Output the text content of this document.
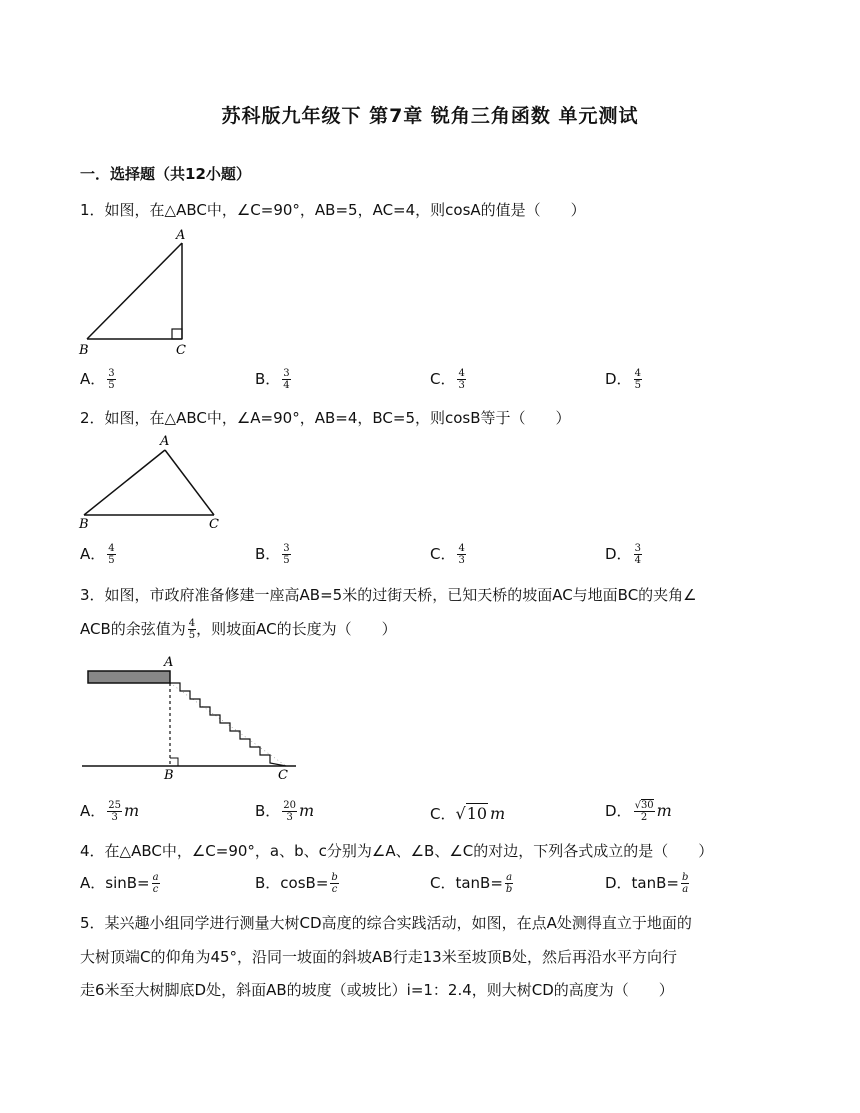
苏科版九年级下 第7章 锐角三角函数 单元测试
一．选择题（共12小题）
1．如图，在△ABC中，∠C=90°，AB=5，AC=4，则cosA的值是（　　）
A
B	C
A． $\frac{3}{5}$	B． $\frac{3}{4}$	C． $\frac{4}{3}$	D． $\frac{4}{5}$
2．如图，在△ABC中，∠A=90°，AB=4，BC=5，则cosB等于（　　）
A
B	C
A． $\frac{4}{5}$	B． $\frac{3}{5}$	C． $\frac{4}{3}$	D． $\frac{3}{4}$
3．如图，市政府准备修建一座高AB=5米的过街天桥，已知天桥的坡面AC与地面BC的夹角∠
ACB的余弦值为 $\frac{4}{5}$ ，则坡面AC的长度为（　　）
A
B	C
A． $\frac{25}{3}$ m	B． $\frac{20}{3}$ m	C．√10 m	D． $\frac{√30}{2}$ m
4．在△ABC中，∠C=90°，a、b、c分别为∠A、∠B、∠C的对边，下列各式成立的是（　　）
A．$\sin B= \frac{a}{c}$	B．$\cos B= \frac{b}{c}$	C．$\tan B= \frac{a}{b}$	D．$\tan B= \frac{b}{a}$
5．某兴趣小组同学进行测量大树CD高度的综合实践活动，如图，在点A处测得直立于地面的
大树顶端C的仰角为45°，沿同一坡面的斜坡AB行走13米至坡顶B处，然后再沿水平方向行
走6米至大树脚底D处，斜面AB的坡度（或坡比）i=1：2.4，则大树CD的高度为（　　）
